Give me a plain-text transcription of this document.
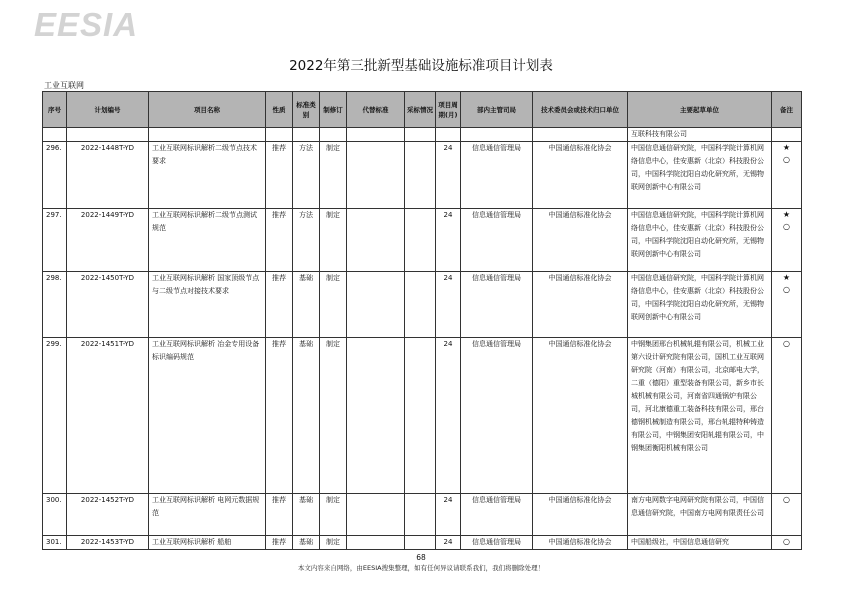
EESIA
2022年第三批新型基础设施标准项目计划表
工业互联网
序号	计划编号	项目名称	性质	标准类别	制修订	代替标准	采标情况	项目周期(月)	部内主管司局	技术委员会或技术归口单位	主要起草单位	备注
											互联科技有限公司	
296.	2022-1448T-YD	工业互联网标识解析二级节点技术要求	推荐	方法	制定			24	信息通信管理局	中国通信标准化协会	中国信息通信研究院，中国科学院计算机网络信息中心，佳安惠新（北京）科技股份公司，中国科学院沈阳自动化研究所，无锡物联网创新中心有限公司	★
○

297.	2022-1449T-YD	工业互联网标识解析二级节点测试规范	推荐	方法	制定			24	信息通信管理局	中国通信标准化协会	中国信息通信研究院，中国科学院计算机网络信息中心，佳安惠新（北京）科技股份公司，中国科学院沈阳自动化研究所，无锡物联网创新中心有限公司	★
○

298.	2022-1450T-YD	工业互联网标识解析 国家顶级节点与二级节点对接技术要求	推荐	基础	制定			24	信息通信管理局	中国通信标准化协会	中国信息通信研究院，中国科学院计算机网络信息中心，佳安惠新（北京）科技股份公司，中国科学院沈阳自动化研究所，无锡物联网创新中心有限公司	★
○

299.	2022-1451T-YD	工业互联网标识解析 冶金专用设备 标识编码规范	推荐	基础	制定			24	信息通信管理局	中国通信标准化协会	中钢集团邢台机械轧辊有限公司，机械工业第六设计研究院有限公司，国机工业互联网研究院（河南）有限公司，北京邮电大学，二重（德阳）重型装备有限公司，新乡市长城机械有限公司，河南省四通锅炉有限公司，河北康德重工装备科技有限公司，邢台德钢机械制造有限公司，邢台轧辊特种铸造有限公司，中钢集团安阳轧辊有限公司，中钢集团衡阳机械有限公司	○

300.	2022-1452T-YD	工业互联网标识解析 电网元数据规范	推荐	基础	制定			24	信息通信管理局	中国通信标准化协会	南方电网数字电网研究院有限公司，中国信息通信研究院，中国南方电网有限责任公司	○

301.	2022-1453T-YD	工业互联网标识解析 船舶	推荐	基础	制定			24	信息通信管理局	中国通信标准化协会	中国船级社，中国信息通信研究	○
68
本文内容来自网络，由EESIA搜集整理，如有任何异议请联系我们，我们将删除处理！
